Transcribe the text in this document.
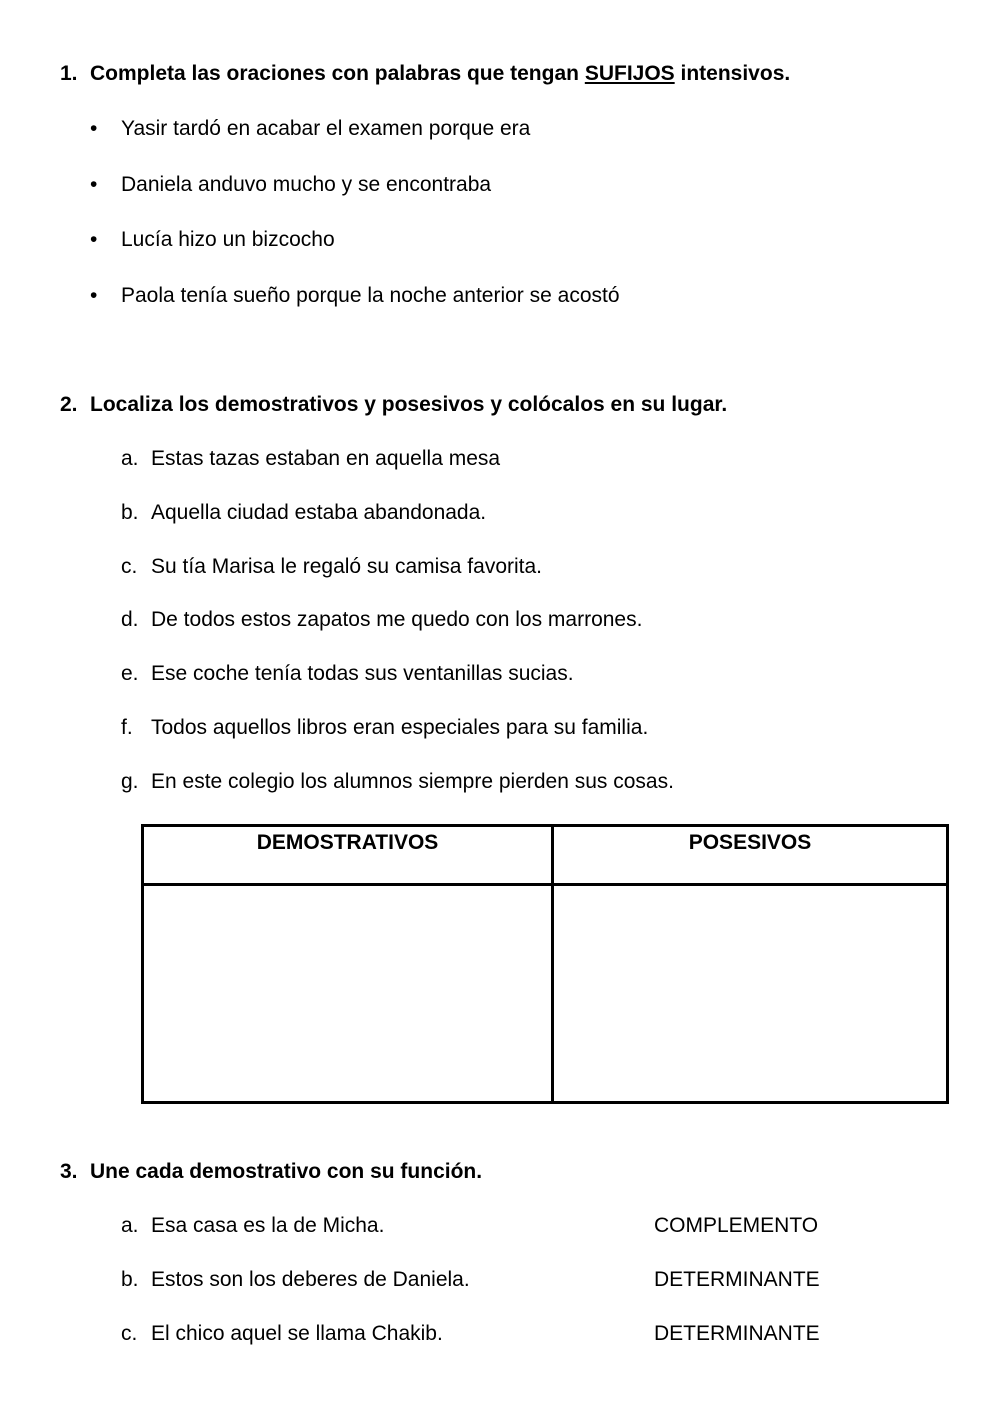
1. Completa las oraciones con palabras que tengan SUFIJOS intensivos.
• Yasir tardó en acabar el examen porque era
• Daniela anduvo mucho y se encontraba
• Lucía hizo un bizcocho
• Paola tenía sueño porque la noche anterior se acostó
2. Localiza los demostrativos y posesivos y colócalos en su lugar.
a. Estas tazas estaban en aquella mesa
b. Aquella ciudad estaba abandonada.
c. Su tía Marisa le regaló su camisa favorita.
d. De todos estos zapatos me quedo con los marrones.
e. Ese coche tenía todas sus ventanillas sucias.
f. Todos aquellos libros eran especiales para su familia.
g. En este colegio los alumnos siempre pierden sus cosas.
DEMOSTRATIVOS	POSESIVOS
3. Une cada demostrativo con su función.
a. Esa casa es la de Micha.	COMPLEMENTO
b. Estos son los deberes de Daniela.	DETERMINANTE
c. El chico aquel se llama Chakib.	DETERMINANTE
